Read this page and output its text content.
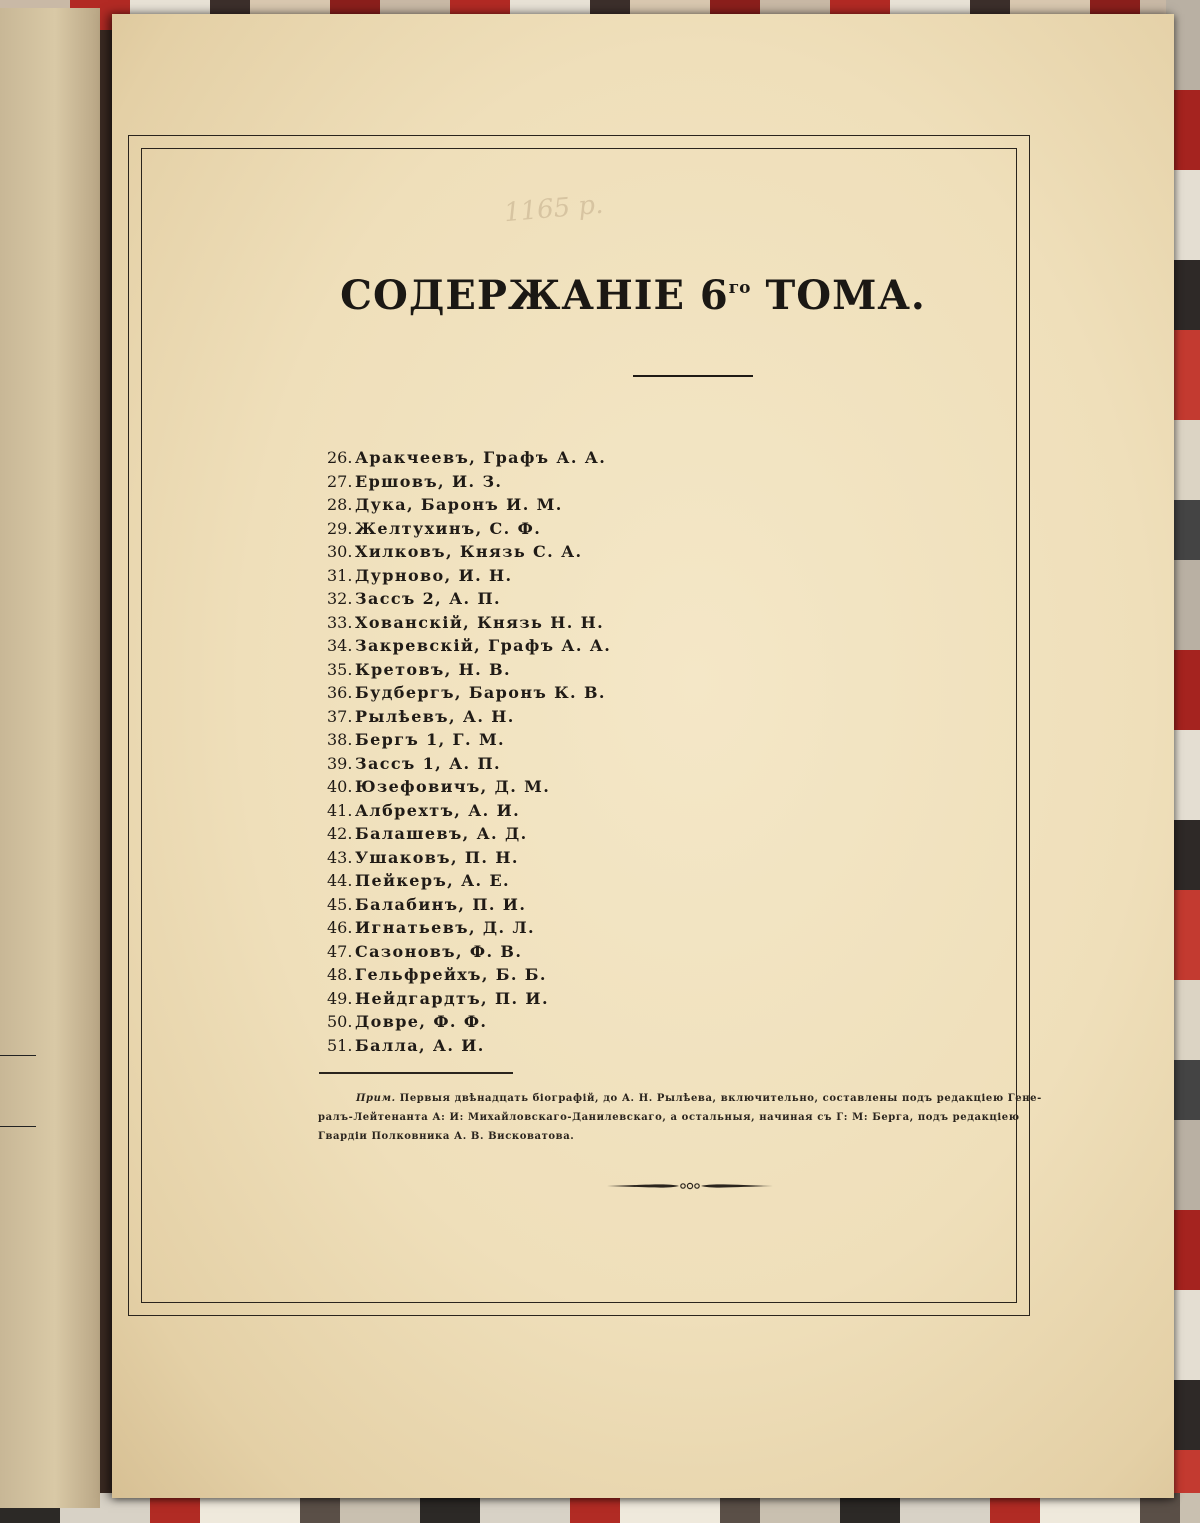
1165 р.
СОДЕРЖАНІЕ $6^{го}$ ТОМА.
26. Аракчеевъ, Графъ А. А.
27. Ершовъ, И. З.
28. Дука, Баронъ И. М.
29. Желтухинъ, С. Ф.
30. Хилковъ, Князь С. А.
31. Дурново, И. Н.
32. Зассъ 2, А. П.
33. Хованскій, Князь Н. Н.
34. Закревскій, Графъ А. А.
35. Кретовъ, Н. В.
36. Будбергъ, Баронъ К. В.
37. Рылѣевъ, А. Н.
38. Бергъ 1, Г. М.
39. Зассъ 1, А. П.
40. Юзефовичъ, Д. М.
41. Албрехтъ, А. И.
42. Балашевъ, А. Д.
43. Ушаковъ, П. Н.
44. Пейкеръ, А. Е.
45. Балабинъ, П. И.
46. Игнатьевъ, Д. Л.
47. Сазоновъ, Ф. В.
48. Гельфрейхъ, Б. Б.
49. Нейдгардтъ, П. И.
50. Довре, Ф. Ф.
51. Балла, А. И.

Прим. Первыя двѣнадцать біографій, до А. Н. Рылѣева, включительно, составлены подъ редакціею Гене-
ралъ-Лейтенанта А: И: Михайловскаго-Данилевскаго, а остальныя, начиная съ Г: М: Берга, подъ редакціею
Гвардіи Полковника А. В. Висковатова.
